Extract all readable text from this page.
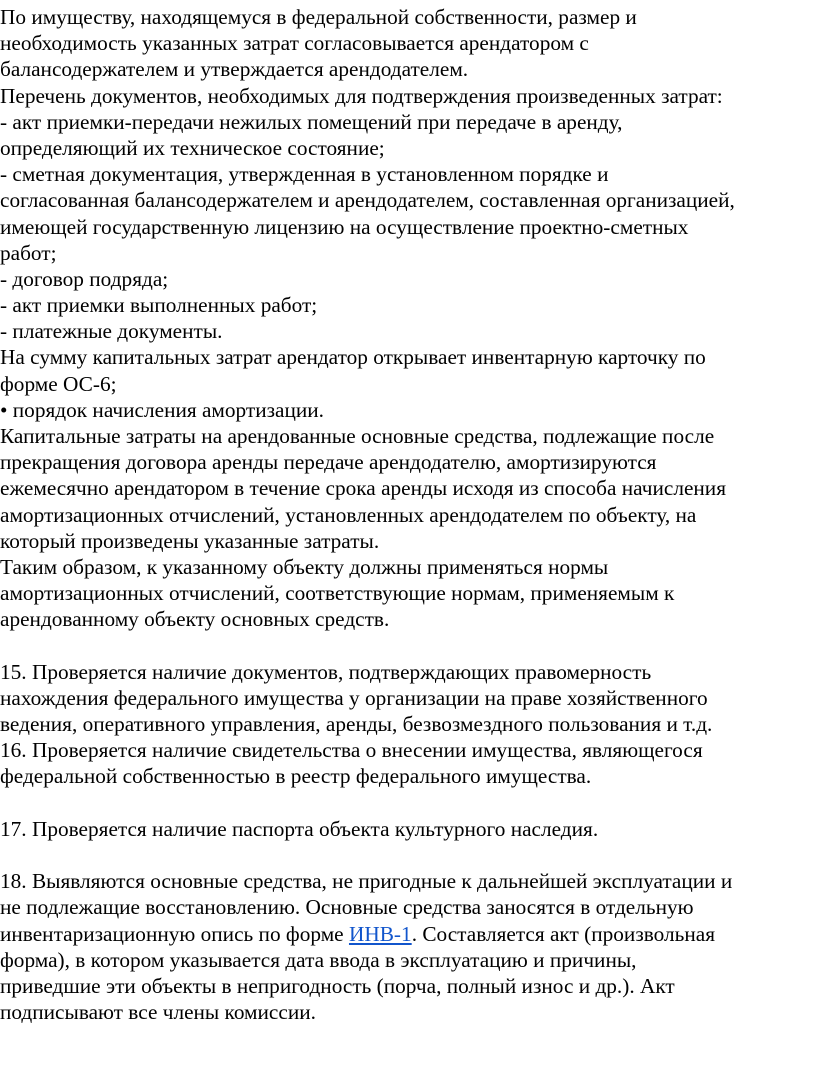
По имуществу, находящемуся в федеральной собственности, размер и
необходимость указанных затрат согласовывается арендатором с
балансодержателем и утверждается арендодателем.
Перечень документов, необходимых для подтверждения произведенных затрат:
- акт приемки-передачи нежилых помещений при передаче в аренду,
определяющий их техническое состояние;
- сметная документация, утвержденная в установленном порядке и
согласованная балансодержателем и арендодателем, составленная организацией,
имеющей государственную лицензию на осуществление проектно-сметных
работ;
- договор подряда;
- акт приемки выполненных работ;
- платежные документы.
На сумму капитальных затрат арендатор открывает инвентарную карточку по
форме ОС-6;
• порядок начисления амортизации.
Капитальные затраты на арендованные основные средства, подлежащие после
прекращения договора аренды передаче арендодателю, амортизируются
ежемесячно арендатором в течение срока аренды исходя из способа начисления
амортизационных отчислений, установленных арендодателем по объекту, на
который произведены указанные затраты.
Таким образом, к указанному объекту должны применяться нормы
амортизационных отчислений, соответствующие нормам, применяемым к
арендованному объекту основных средств.
15. Проверяется наличие документов, подтверждающих правомерность
нахождения федерального имущества у организации на праве хозяйственного
ведения, оперативного управления, аренды, безвозмездного пользования и т.д.
16. Проверяется наличие свидетельства о внесении имущества, являющегося
федеральной собственностью в реестр федерального имущества.
17. Проверяется наличие паспорта объекта культурного наследия.
18. Выявляются основные средства, не пригодные к дальнейшей эксплуатации и
не подлежащие восстановлению. Основные средства заносятся в отдельную
инвентаризационную опись по форме ИНВ-1. Составляется акт (произвольная
форма), в котором указывается дата ввода в эксплуатацию и причины,
приведшие эти объекты в непригодность (порча, полный износ и др.). Акт
подписывают все члены комиссии.
